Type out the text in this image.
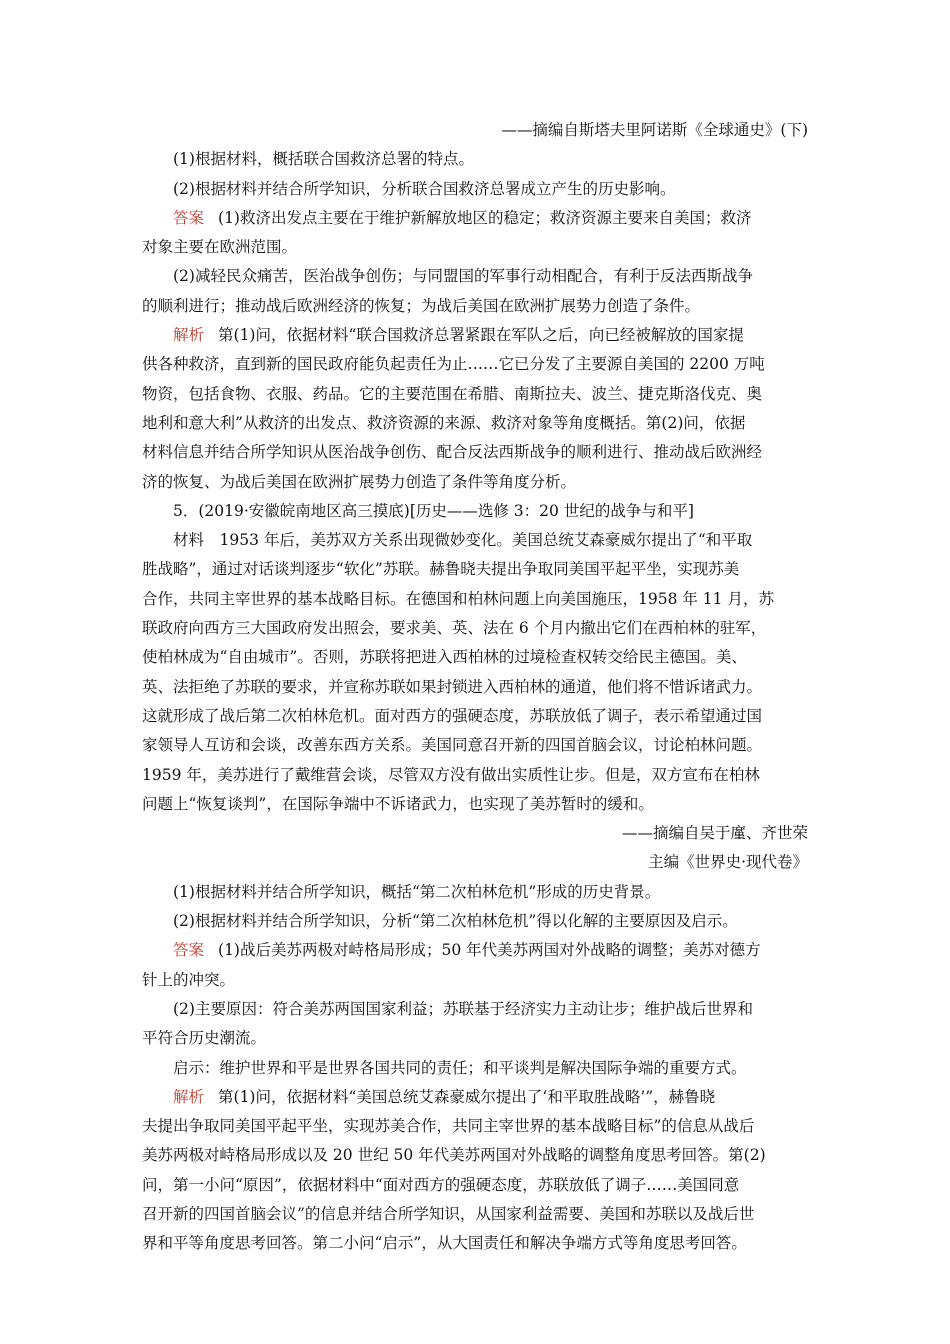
——摘编自斯塔夫里阿诺斯《全球通史》(下)
(1)根据材料，概括联合国救济总署的特点。
(2)根据材料并结合所学知识，分析联合国救济总署成立产生的历史影响。
答案 (1)救济出发点主要在于维护新解放地区的稳定；救济资源主要来自美国；救济
对象主要在欧洲范围。
(2)减轻民众痛苦，医治战争创伤；与同盟国的军事行动相配合，有利于反法西斯战争
的顺利进行；推动战后欧洲经济的恢复；为战后美国在欧洲扩展势力创造了条件。
解析 第(1)问，依据材料“联合国救济总署紧跟在军队之后，向已经被解放的国家提
供各种救济，直到新的国民政府能负起责任为止……它已分发了主要源自美国的 2200 万吨
物资，包括食物、衣服、药品。它的主要范围在希腊、南斯拉夫、波兰、捷克斯洛伐克、奥
地利和意大利”从救济的出发点、救济资源的来源、救济对象等角度概括。第(2)问，依据
材料信息并结合所学知识从医治战争创伤、配合反法西斯战争的顺利进行、推动战后欧洲经
济的恢复、为战后美国在欧洲扩展势力创造了条件等角度分析。
5．(2019·安徽皖南地区高三摸底)[历史——选修 3：20 世纪的战争与和平]
材料　1953 年后，美苏双方关系出现微妙变化。美国总统艾森豪威尔提出了“和平取
胜战略”，通过对话谈判逐步“软化”苏联。赫鲁晓夫提出争取同美国平起平坐，实现苏美
合作，共同主宰世界的基本战略目标。在德国和柏林问题上向美国施压，1958 年 11 月，苏
联政府向西方三大国政府发出照会，要求美、英、法在 6 个月内撤出它们在西柏林的驻军，
使柏林成为“自由城市”。否则，苏联将把进入西柏林的过境检查权转交给民主德国。美、
英、法拒绝了苏联的要求，并宣称苏联如果封锁进入西柏林的通道，他们将不惜诉诸武力。
这就形成了战后第二次柏林危机。面对西方的强硬态度，苏联放低了调子，表示希望通过国
家领导人互访和会谈，改善东西方关系。美国同意召开新的四国首脑会议，讨论柏林问题。
1959 年，美苏进行了戴维营会谈，尽管双方没有做出实质性让步。但是，双方宣布在柏林
问题上“恢复谈判”，在国际争端中不诉诸武力，也实现了美苏暂时的缓和。
——摘编自吴于廑、齐世荣
主编《世界史·现代卷》
(1)根据材料并结合所学知识，概括“第二次柏林危机”形成的历史背景。
(2)根据材料并结合所学知识，分析“第二次柏林危机”得以化解的主要原因及启示。
答案 (1)战后美苏两极对峙格局形成；50 年代美苏两国对外战略的调整；美苏对德方
针上的冲突。
(2)主要原因：符合美苏两国国家利益；苏联基于经济实力主动让步；维护战后世界和
平符合历史潮流。
启示：维护世界和平是世界各国共同的责任；和平谈判是解决国际争端的重要方式。
解析 第(1)问，依据材料“美国总统艾森豪威尔提出了‘和平取胜战略’”，赫鲁晓
夫提出争取同美国平起平坐，实现苏美合作，共同主宰世界的基本战略目标”的信息从战后
美苏两极对峙格局形成以及 20 世纪 50 年代美苏两国对外战略的调整角度思考回答。第(2)
问，第一小问“原因”，依据材料中“面对西方的强硬态度，苏联放低了调子……美国同意
召开新的四国首脑会议”的信息并结合所学知识，从国家利益需要、美国和苏联以及战后世
界和平等角度思考回答。第二小问“启示”，从大国责任和解决争端方式等角度思考回答。
